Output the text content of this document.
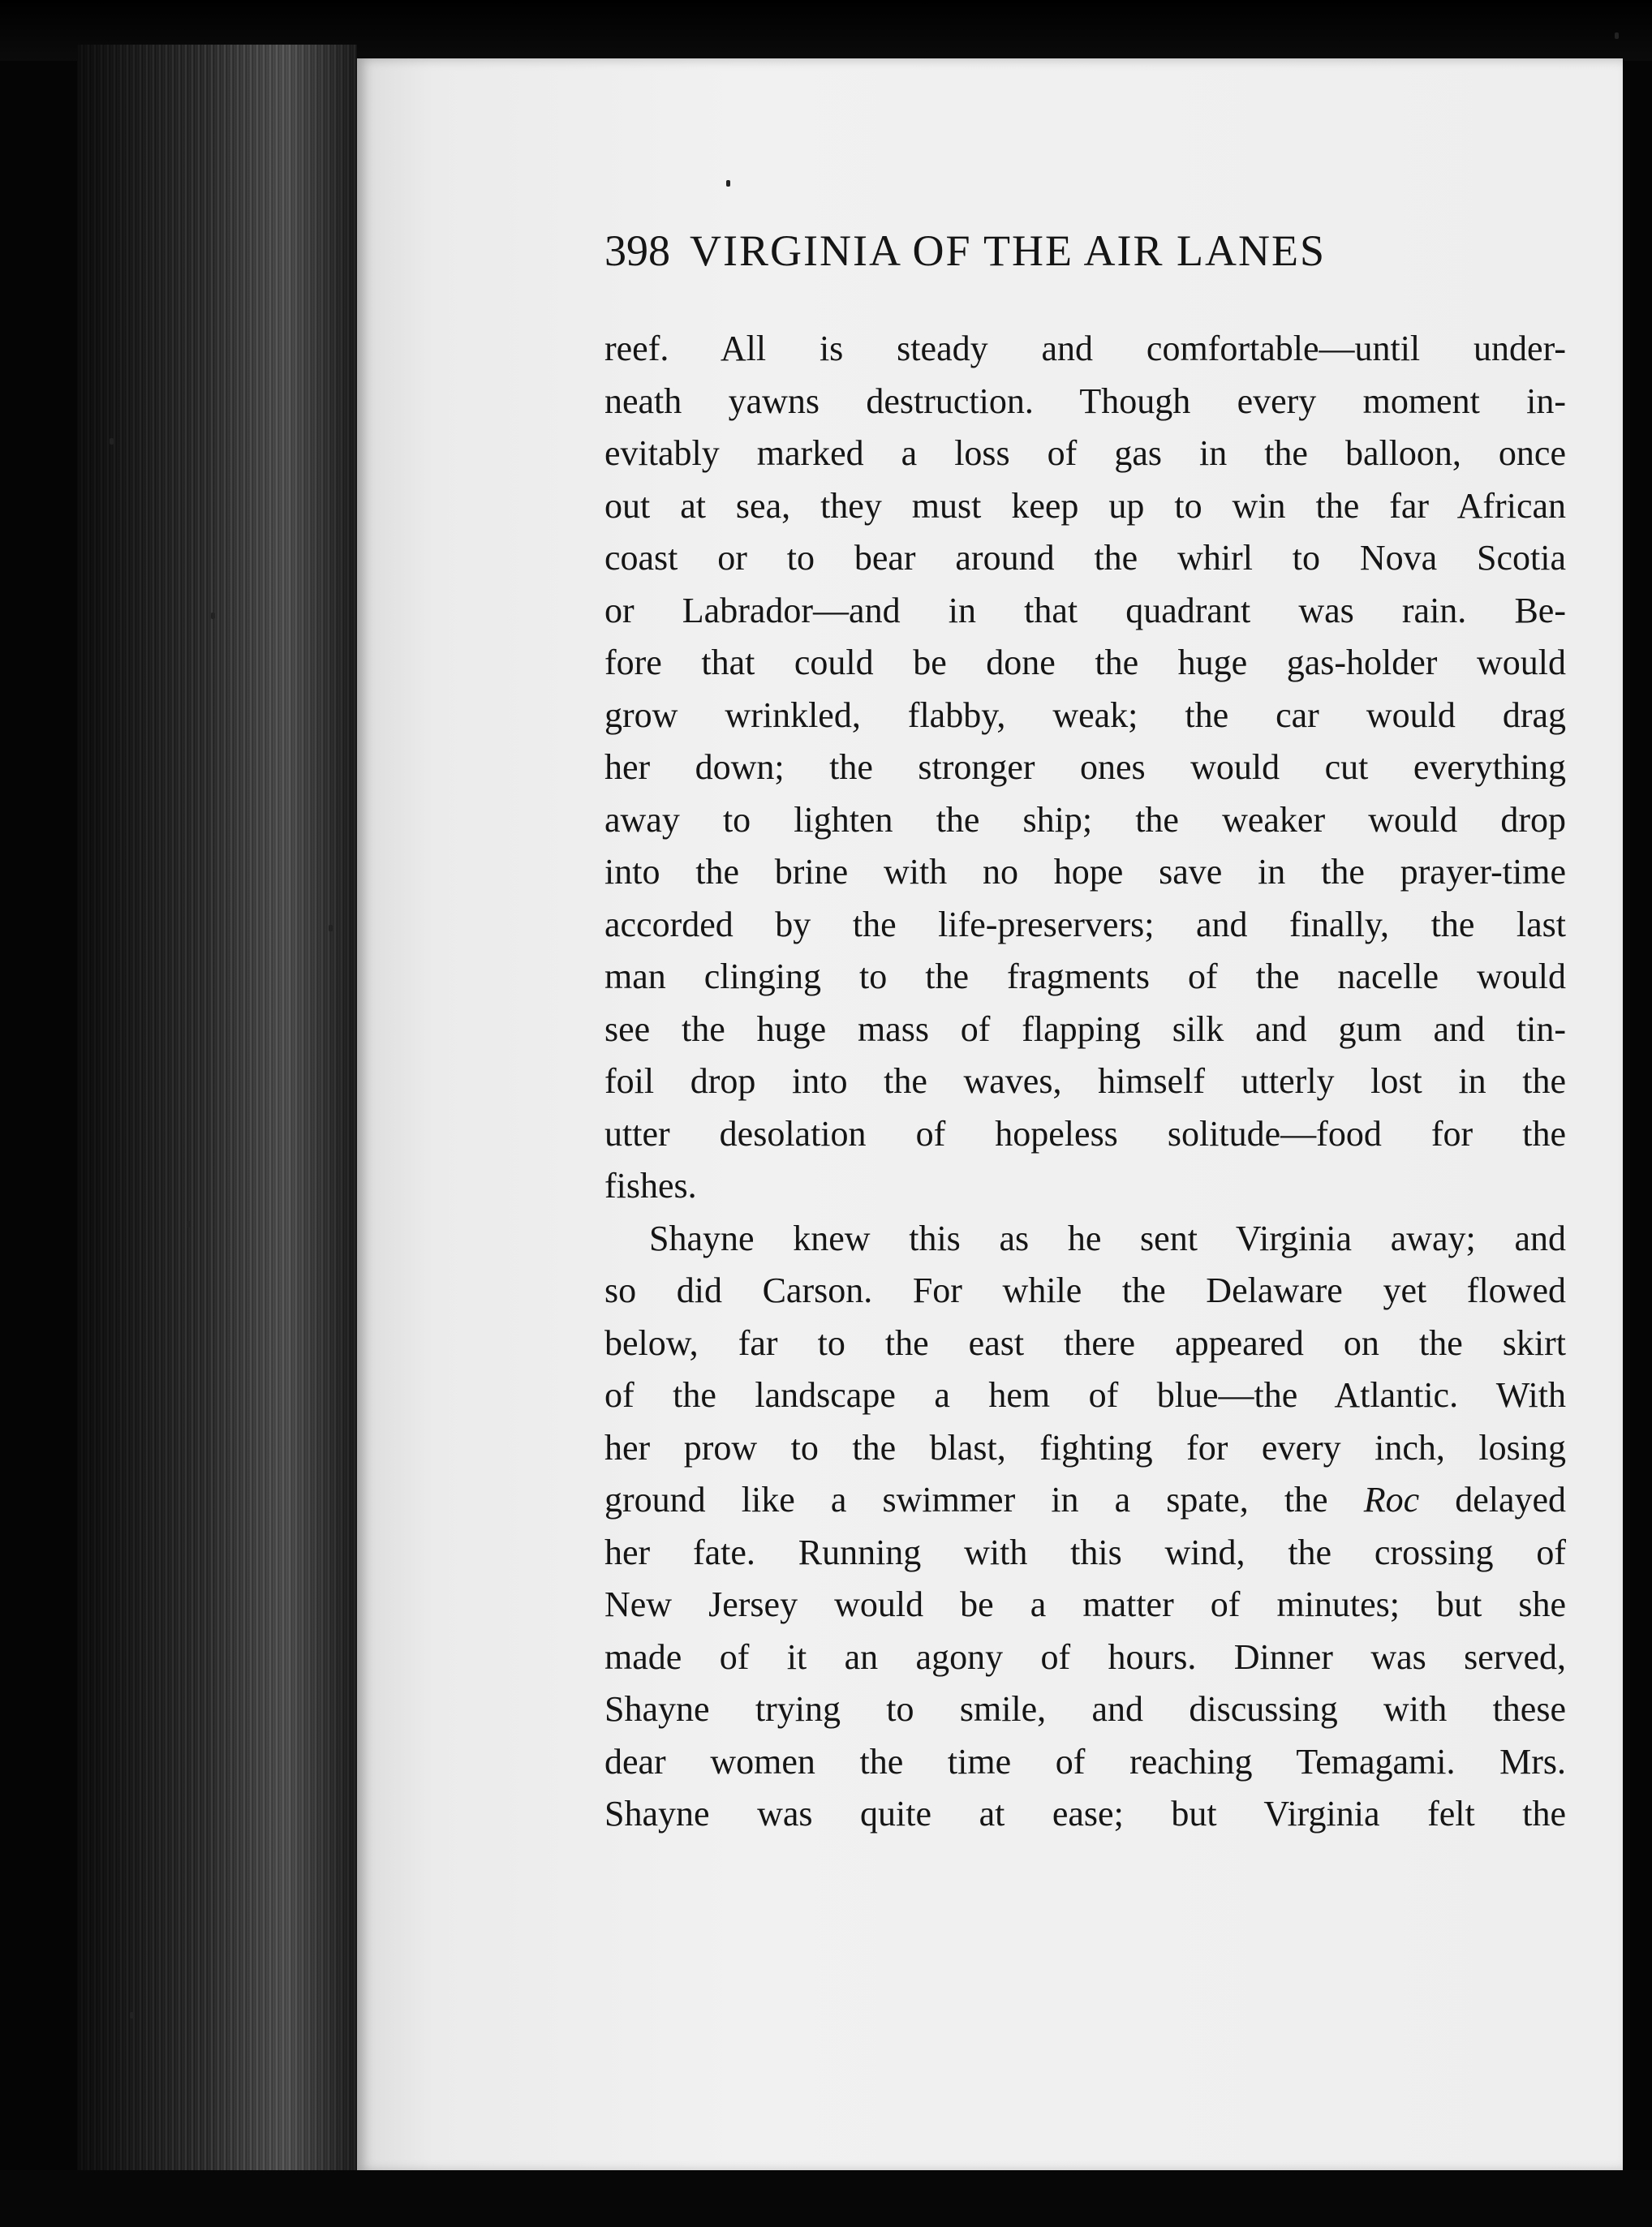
398 VIRGINIA OF THE AIR LANES
reef. All is steady and comfortable—until under-
neath yawns destruction. Though every moment in-
evitably marked a loss of gas in the balloon, once
out at sea, they must keep up to win the far African
coast or to bear around the whirl to Nova Scotia
or Labrador—and in that quadrant was rain. Be-
fore that could be done the huge gas-holder would
grow wrinkled, flabby, weak; the car would drag
her down; the stronger ones would cut everything
away to lighten the ship; the weaker would drop
into the brine with no hope save in the prayer-time
accorded by the life-preservers; and finally, the last
man clinging to the fragments of the nacelle would
see the huge mass of flapping silk and gum and tin-
foil drop into the waves, himself utterly lost in the
utter desolation of hopeless solitude—food for the
fishes.
Shayne knew this as he sent Virginia away; and
so did Carson. For while the Delaware yet flowed
below, far to the east there appeared on the skirt
of the landscape a hem of blue—the Atlantic. With
her prow to the blast, fighting for every inch, losing
ground like a swimmer in a spate, the Roc delayed
her fate. Running with this wind, the crossing of
New Jersey would be a matter of minutes; but she
made of it an agony of hours. Dinner was served,
Shayne trying to smile, and discussing with these
dear women the time of reaching Temagami. Mrs.
Shayne was quite at ease; but Virginia felt the
